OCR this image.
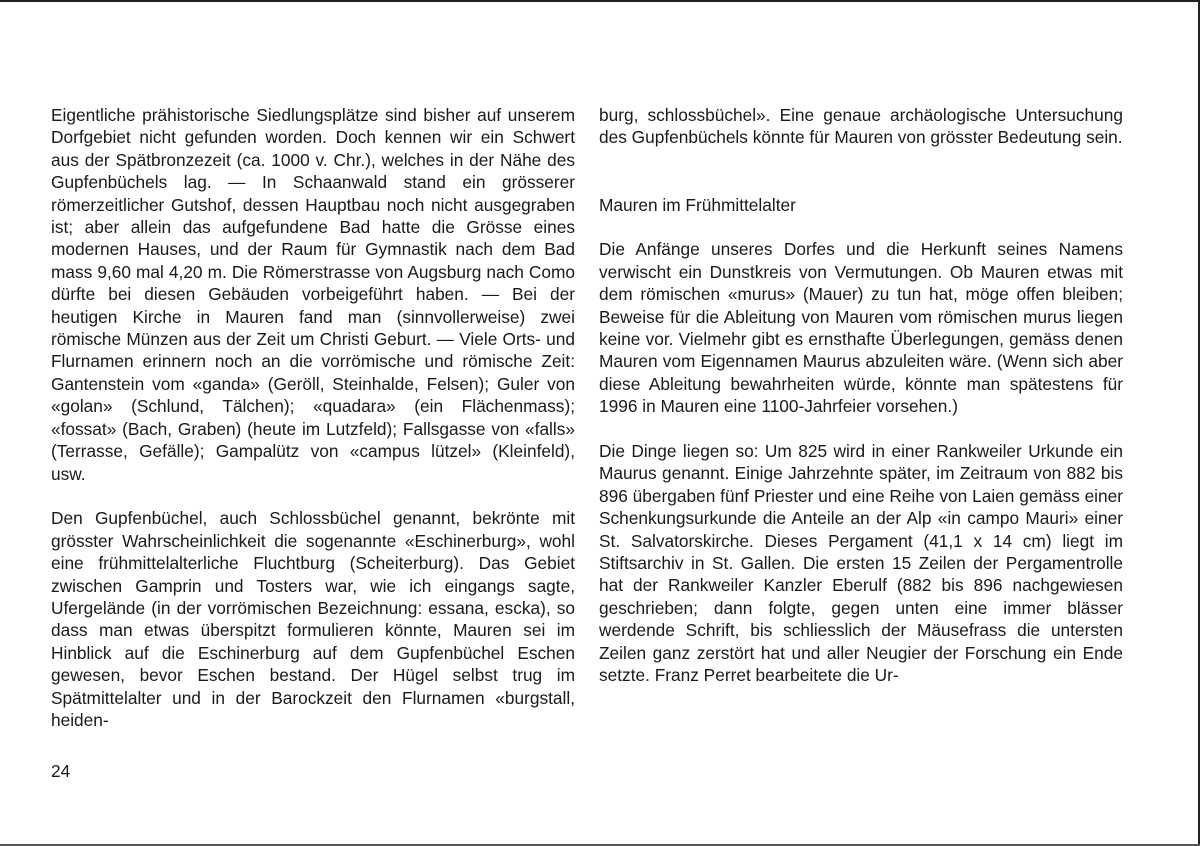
Eigentliche prähistorische Siedlungsplätze sind bisher auf unserem Dorfgebiet nicht gefunden worden. Doch kennen wir ein Schwert aus der Spätbronzezeit (ca. 1000 v. Chr.), welches in der Nähe des Gupfenbüchels lag. — In Schaanwald stand ein grösserer römerzeitlicher Gutshof, dessen Hauptbau noch nicht ausgegraben ist; aber allein das aufgefundene Bad hatte die Grösse eines modernen Hauses, und der Raum für Gymnastik nach dem Bad mass 9,60 mal 4,20 m. Die Römerstrasse von Augsburg nach Como dürfte bei diesen Gebäuden vorbeigeführt haben. — Bei der heutigen Kirche in Mauren fand man (sinnvollerweise) zwei römische Münzen aus der Zeit um Christi Geburt. — Viele Orts- und Flurnamen erinnern noch an die vorrömische und römische Zeit: Gantenstein vom «ganda» (Geröll, Steinhalde, Felsen); Guler von «golan» (Schlund, Tälchen); «quadara» (ein Flächenmass); «fossat» (Bach, Graben) (heute im Lutzfeld); Fallsgasse von «falls» (Terrasse, Gefälle); Gampalütz von «campus lützel» (Kleinfeld), usw.

Den Gupfenbüchel, auch Schlossbüchel genannt, bekrönte mit grösster Wahrscheinlichkeit die sogenannte «Eschinerburg», wohl eine frühmittelalterliche Fluchtburg (Scheiterburg). Das Gebiet zwischen Gamprin und Tosters war, wie ich eingangs sagte, Ufergelände (in der vorrömischen Bezeichnung: essana, escka), so dass man etwas überspitzt formulieren könnte, Mauren sei im Hinblick auf die Eschinerburg auf dem Gupfenbüchel Eschen gewesen, bevor Eschen bestand. Der Hügel selbst trug im Spätmittelalter und in der Barockzeit den Flurnamen «burgstall, heiden-

burg, schlossbüchel». Eine genaue archäologische Untersuchung des Gupfenbüchels könnte für Mauren von grösster Bedeutung sein.

Mauren im Frühmittelalter

Die Anfänge unseres Dorfes und die Herkunft seines Namens verwischt ein Dunstkreis von Vermutungen. Ob Mauren etwas mit dem römischen «murus» (Mauer) zu tun hat, möge offen bleiben; Beweise für die Ableitung von Mauren vom römischen murus liegen keine vor. Vielmehr gibt es ernsthafte Überlegungen, gemäss denen Mauren vom Eigennamen Maurus abzuleiten wäre. (Wenn sich aber diese Ableitung bewahrheiten würde, könnte man spätestens für 1996 in Mauren eine 1100-Jahrfeier vorsehen.)

Die Dinge liegen so: Um 825 wird in einer Rankweiler Urkunde ein Maurus genannt. Einige Jahrzehnte später, im Zeitraum von 882 bis 896 übergaben fünf Priester und eine Reihe von Laien gemäss einer Schenkungsurkunde die Anteile an der Alp «in campo Mauri» einer St. Salvatorskirche. Dieses Pergament (41,1 x 14 cm) liegt im Stiftsarchiv in St. Gallen. Die ersten 15 Zeilen der Pergamentrolle hat der Rankweiler Kanzler Eberulf (882 bis 896 nachgewiesen geschrieben; dann folgte, gegen unten eine immer blässer werdende Schrift, bis schliesslich der Mäusefrass die untersten Zeilen ganz zerstört hat und aller Neugier der Forschung ein Ende setzte. Franz Perret bearbeitete die Ur-

24
